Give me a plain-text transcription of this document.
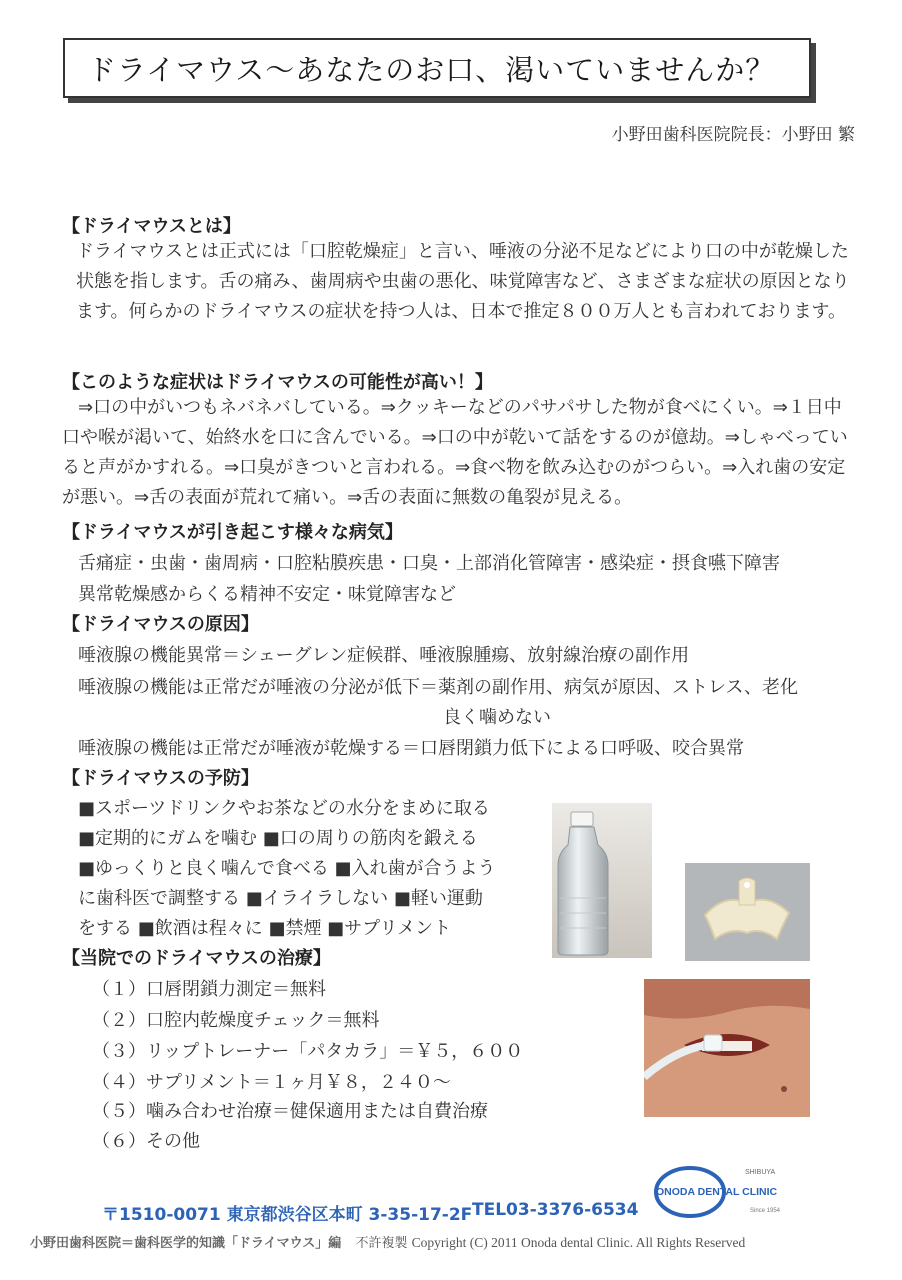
ドライマウス〜あなたのお口、渇いていませんか？
小野田歯科医院院長：小野田 繁
【ドライマウスとは】
ドライマウスとは正式には「口腔乾燥症」と言い、唾液の分泌不足などにより口の中が乾燥した状態を指します。舌の痛み、歯周病や虫歯の悪化、味覚障害など、さまざまな症状の原因となります。何らかのドライマウスの症状を持つ人は、日本で推定８００万人とも言われております。
【このような症状はドライマウスの可能性が高い！】
⇒口の中がいつもネバネバしている。⇒クッキーなどのパサパサした物が食べにくい。⇒１日中口や喉が渇いて、始終水を口に含んでいる。⇒口の中が乾いて話をするのが億劫。⇒しゃべっていると声がかすれる。⇒口臭がきついと言われる。⇒食べ物を飲み込むのがつらい。⇒入れ歯の安定が悪い。⇒舌の表面が荒れて痛い。⇒舌の表面に無数の亀裂が見える。
【ドライマウスが引き起こす様々な病気】
舌痛症・虫歯・歯周病・口腔粘膜疾患・口臭・上部消化管障害・感染症・摂食嚥下障害
異常乾燥感からくる精神不安定・味覚障害など
【ドライマウスの原因】
唾液腺の機能異常＝シェーグレン症候群、唾液腺腫瘍、放射線治療の副作用
唾液腺の機能は正常だが唾液の分泌が低下＝薬剤の副作用、病気が原因、ストレス、老化
良く噛めない
唾液腺の機能は正常だが唾液が乾燥する＝口唇閉鎖力低下による口呼吸、咬合異常
【ドライマウスの予防】
■スポーツドリンクやお茶などの水分をまめに取る
■定期的にガムを噛む ■口の周りの筋肉を鍛える
■ゆっくりと良く噛んで食べる ■入れ歯が合うよう
に歯科医で調整する ■イライラしない ■軽い運動
をする ■飲酒は程々に ■禁煙 ■サプリメント
【当院でのドライマウスの治療】
（１）口唇閉鎖力測定＝無料
（２）口腔内乾燥度チェック＝無料
（３）リップトレーナー「パタカラ」＝￥５，６００
（４）サプリメント＝１ヶ月￥８，２４０〜
（５）噛み合わせ治療＝健保適用または自費治療
（６）その他
〒1510-0071 東京都渋谷区本町 3-35-17-2F TEL03-3376-6534
SHIBUYA
ONODA DENTAL CLINIC
Since 1954
小野田歯科医院＝歯科医学的知識「ドライマウス」編 不許複製 Copyright (C) 2011 Onoda dental Clinic. All Rights Reserved
